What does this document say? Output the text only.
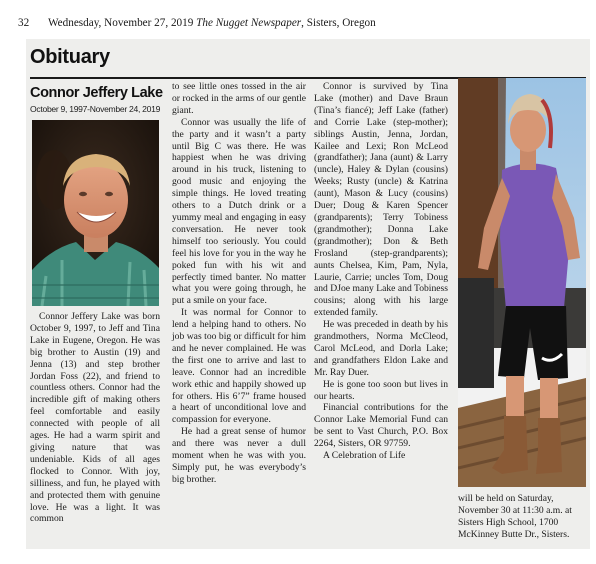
32 Wednesday, November 27, 2019 The Nugget Newspaper, Sisters, Oregon
Obituary
Connor Jeffery Lake
October 9, 1997-November 24, 2019

Connor Jeffery Lake was born October 9, 1997, to Jeff and Tina Lake in Eugene, Oregon. He was big brother to Austin (19) and Jenna (13) and step brother Jordan Foss (22), and friend to countless others. Connor had the incredible gift of making others feel comfortable and easily connected with people of all ages. He had a warm spirit and giving nature that was undeniable. Kids of all ages flocked to Connor. With joy, silliness, and fun, he played with and protected them with genuine love. He was a light. It was common

to see little ones tossed in the air or rocked in the arms of our gentle giant.

Connor was usually the life of the party and it wasn’t a party until Big C was there. He was happiest when he was driving around in his truck, listening to good music and enjoying the simple things. He loved treating others to a Dutch drink or a yummy meal and engaging in easy conversation. He never took himself too seriously. You could feel his love for you in the way he poked fun with his wit and perfectly timed banter. No matter what you were going through, he put a smile on your face.

It was normal for Connor to lend a helping hand to others. No job was too big or difficult for him and he never complained. He was the first one to arrive and last to leave. Connor had an incredible work ethic and happily showed up for others. His 6’7” frame housed a heart of unconditional love and compassion for everyone.

He had a great sense of humor and there was never a dull moment when he was with you. Simply put, he was everybody’s big brother.

Connor is survived by Tina Lake (mother) and Dave Braun (Tina’s fiancé); Jeff Lake (father) and Corrie Lake (step-mother); siblings Austin, Jenna, Jordan, Kailee and Lexi; Ron McLeod (grandfather); Jana (aunt) & Larry (uncle), Haley & Dylan (cousins) Weeks; Rusty (uncle) & Katrina (aunt), Mason & Lucy (cousins) Duer; Doug & Karen Spencer (grandparents); Terry Tobiness (grandmother); Donna Lake (grandmother); Don & Beth Frosland (step-grandparents); aunts Chelsea, Kim, Pam, Nyla, Laurie, Carrie; uncles Tom, Doug and DJoe many Lake and Tobiness cousins; along with his large extended family.

He was preceded in death by his grandmothers, Norma McCleod, Carol McLeod, and Dorla Lake; and grandfathers Eldon Lake and Mr. Ray Duer.

He is gone too soon but lives in our hearts.

Financial contributions for the Connor Lake Memorial Fund can be sent to Vast Church, P.O. Box 2264, Sisters, OR 97759.

A Celebration of Life

will be held on Saturday, November 30 at 11:30 a.m. at Sisters High School, 1700 McKinney Butte Dr., Sisters.
